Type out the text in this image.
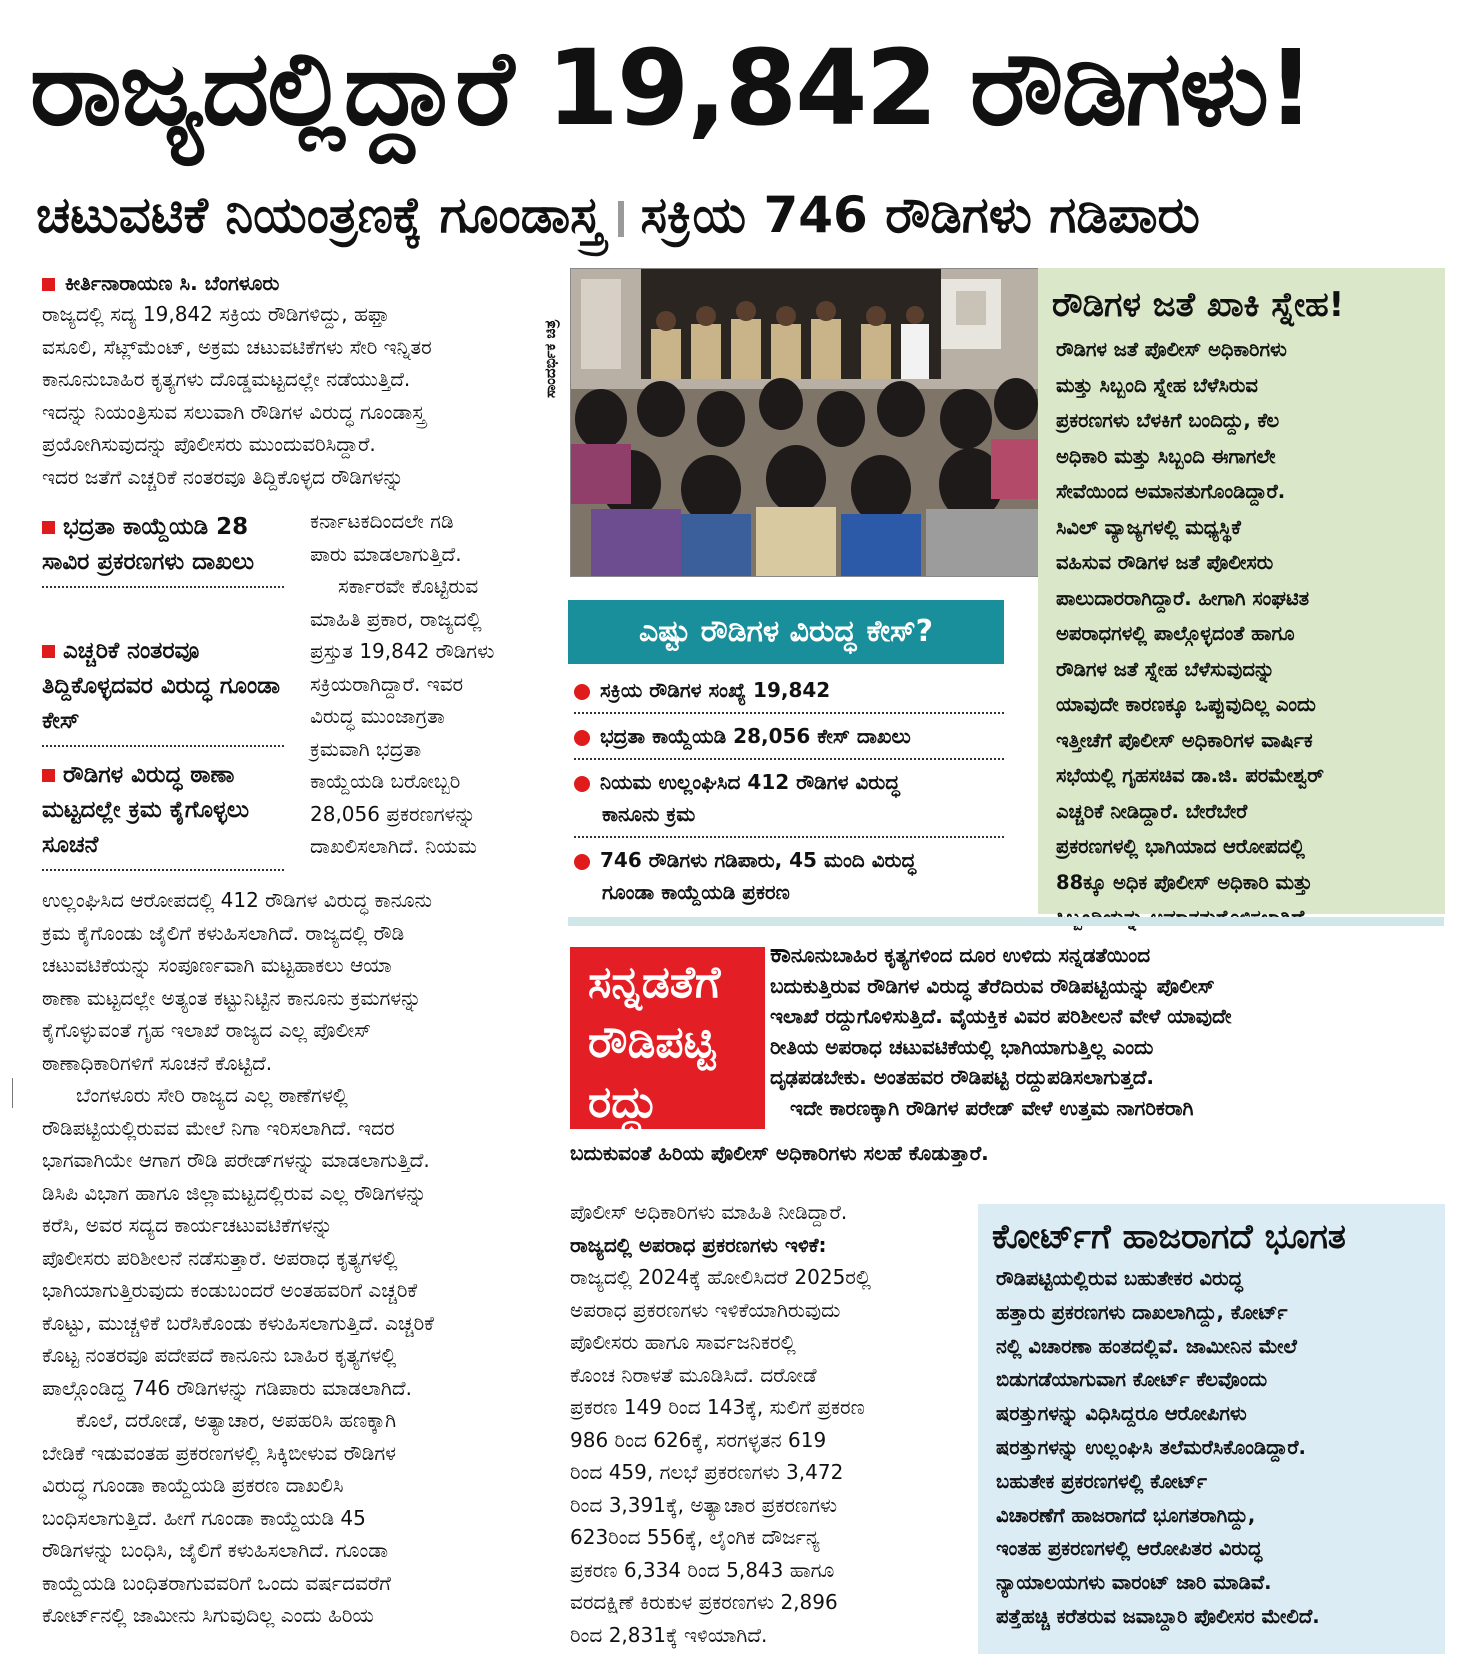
ರಾಜ್ಯದಲ್ಲಿದ್ದಾರೆ 19,842 ರೌಡಿಗಳು!
ಚಟುವಟಿಕೆ ನಿಯಂತ್ರಣಕ್ಕೆ ಗೂಂಡಾಸ್ತ್ರ ಸಕ್ರಿಯ 746 ರೌಡಿಗಳು ಗಡಿಪಾರು
ಕೀರ್ತಿನಾರಾಯಣ ಸಿ. ಬೆಂಗಳೂರು

ರಾಜ್ಯದಲ್ಲಿ ಸದ್ಯ 19,842 ಸಕ್ರಿಯ ರೌಡಿಗಳಿದ್ದು, ಹಫ್ತಾ

ವಸೂಲಿ, ಸೆಟ್ಲ್‌ಮೆಂಟ್, ಅಕ್ರಮ ಚಟುವಟಿಕೆಗಳು ಸೇರಿ ಇನ್ನಿತರ

ಕಾನೂನುಬಾಹಿರ ಕೃತ್ಯಗಳು ದೊಡ್ಡಮಟ್ಟದಲ್ಲೇ ನಡೆಯುತ್ತಿದೆ.

ಇದನ್ನು ನಿಯಂತ್ರಿಸುವ ಸಲುವಾಗಿ ರೌಡಿಗಳ ವಿರುದ್ಧ ಗೂಂಡಾಸ್ತ್ರ

ಪ್ರಯೋಗಿಸುವುದನ್ನು ಪೊಲೀಸರು ಮುಂದುವರಿಸಿದ್ದಾರೆ.

ಇದರ ಜತೆಗೆ ಎಚ್ಚರಿಕೆ ನಂತರವೂ ತಿದ್ದಿಕೊಳ್ಳದ ರೌಡಿಗಳನ್ನು

ಭದ್ರತಾ ಕಾಯ್ದೆಯಡಿ 28 ಸಾವಿರ ಪ್ರಕರಣಗಳು ದಾಖಲು
ಎಚ್ಚರಿಕೆ ನಂತರವೂ ತಿದ್ದಿಕೊಳ್ಳದವರ ವಿರುದ್ಧ ಗೂಂಡಾ ಕೇಸ್
ರೌಡಿಗಳ ವಿರುದ್ಧ ಠಾಣಾ ಮಟ್ಟದಲ್ಲೇ ಕ್ರಮ ಕೈಗೊಳ್ಳಲು ಸೂಚನೆ

ಕರ್ನಾಟಕದಿಂದಲೇ ಗಡಿ

ಪಾರು ಮಾಡಲಾಗುತ್ತಿದೆ.

ಸರ್ಕಾರವೇ ಕೊಟ್ಟಿರುವ

ಮಾಹಿತಿ ಪ್ರಕಾರ, ರಾಜ್ಯದಲ್ಲಿ

ಪ್ರಸ್ತುತ 19,842 ರೌಡಿಗಳು

ಸಕ್ರಿಯರಾಗಿದ್ದಾರೆ. ಇವರ

ವಿರುದ್ಧ ಮುಂಜಾಗ್ರತಾ

ಕ್ರಮವಾಗಿ ಭದ್ರತಾ

ಕಾಯ್ದೆಯಡಿ ಬರೋಬ್ಬರಿ

28,056 ಪ್ರಕರಣಗಳನ್ನು

ದಾಖಲಿಸಲಾಗಿದೆ. ನಿಯಮ

ಉಲ್ಲಂಘಿಸಿದ ಆರೋಪದಲ್ಲಿ 412 ರೌಡಿಗಳ ವಿರುದ್ಧ ಕಾನೂನು

ಕ್ರಮ ಕೈಗೊಂಡು ಜೈಲಿಗೆ ಕಳುಹಿಸಲಾಗಿದೆ. ರಾಜ್ಯದಲ್ಲಿ ರೌಡಿ

ಚಟುವಟಿಕೆಯನ್ನು ಸಂಪೂರ್ಣವಾಗಿ ಮಟ್ಟಹಾಕಲು ಆಯಾ

ಠಾಣಾ ಮಟ್ಟದಲ್ಲೇ ಅತ್ಯಂತ ಕಟ್ಟುನಿಟ್ಟಿನ ಕಾನೂನು ಕ್ರಮಗಳನ್ನು

ಕೈಗೊಳ್ಳುವಂತೆ ಗೃಹ ಇಲಾಖೆ ರಾಜ್ಯದ ಎಲ್ಲ ಪೊಲೀಸ್

ಠಾಣಾಧಿಕಾರಿಗಳಿಗೆ ಸೂಚನೆ ಕೊಟ್ಟಿದೆ.

ಬೆಂಗಳೂರು ಸೇರಿ ರಾಜ್ಯದ ಎಲ್ಲ ಠಾಣೆಗಳಲ್ಲಿ

ರೌಡಿಪಟ್ಟಿಯಲ್ಲಿರುವವ ಮೇಲೆ ನಿಗಾ ಇರಿಸಲಾಗಿದೆ. ಇದರ

ಭಾಗವಾಗಿಯೇ ಆಗಾಗ ರೌಡಿ ಪರೇಡ್‌ಗಳನ್ನು ಮಾಡಲಾಗುತ್ತಿದೆ.

ಡಿಸಿಪಿ ವಿಭಾಗ ಹಾಗೂ ಜಿಲ್ಲಾಮಟ್ಟದಲ್ಲಿರುವ ಎಲ್ಲ ರೌಡಿಗಳನ್ನು

ಕರೆಸಿ, ಅವರ ಸದ್ಯದ ಕಾರ್ಯಚಟುವಟಿಕೆಗಳನ್ನು

ಪೊಲೀಸರು ಪರಿಶೀಲನೆ ನಡೆಸುತ್ತಾರೆ. ಅಪರಾಧ ಕೃತ್ಯಗಳಲ್ಲಿ

ಭಾಗಿಯಾಗುತ್ತಿರುವುದು ಕಂಡುಬಂದರೆ ಅಂತಹವರಿಗೆ ಎಚ್ಚರಿಕೆ

ಕೊಟ್ಟು, ಮುಚ್ಚಳಿಕೆ ಬರೆಸಿಕೊಂಡು ಕಳುಹಿಸಲಾಗುತ್ತಿದೆ. ಎಚ್ಚರಿಕೆ

ಕೊಟ್ಟ ನಂತರವೂ ಪದೇಪದೆ ಕಾನೂನು ಬಾಹಿರ ಕೃತ್ಯಗಳಲ್ಲಿ

ಪಾಲ್ಗೊಂಡಿದ್ದ 746 ರೌಡಿಗಳನ್ನು ಗಡಿಪಾರು ಮಾಡಲಾಗಿದೆ.

ಕೊಲೆ, ದರೋಡೆ, ಅತ್ಯಾಚಾರ, ಅಪಹರಿಸಿ ಹಣಕ್ಕಾಗಿ

ಬೇಡಿಕೆ ಇಡುವಂತಹ ಪ್ರಕರಣಗಳಲ್ಲಿ ಸಿಕ್ಕಿಬೀಳುವ ರೌಡಿಗಳ

ವಿರುದ್ಧ ಗೂಂಡಾ ಕಾಯ್ದೆಯಡಿ ಪ್ರಕರಣ ದಾಖಲಿಸಿ

ಬಂಧಿಸಲಾಗುತ್ತಿದೆ. ಹೀಗೆ ಗೂಂಡಾ ಕಾಯ್ದೆಯಡಿ 45

ರೌಡಿಗಳನ್ನು ಬಂಧಿಸಿ, ಜೈಲಿಗೆ ಕಳುಹಿಸಲಾಗಿದೆ. ಗೂಂಡಾ

ಕಾಯ್ದೆಯಡಿ ಬಂಧಿತರಾಗುವವರಿಗೆ ಒಂದು ವರ್ಷದವರೆಗೆ

ಕೋರ್ಟ್‌ನಲ್ಲಿ ಜಾಮೀನು ಸಿಗುವುದಿಲ್ಲ ಎಂದು ಹಿರಿಯ

ಸಾಂದರ್ಭಿಕ ಚಿತ್ರ
ಎಷ್ಟು ರೌಡಿಗಳ ವಿರುದ್ಧ ಕೇಸ್?
ಸಕ್ರಿಯ ರೌಡಿಗಳ ಸಂಖ್ಯೆ 19,842
ಭದ್ರತಾ ಕಾಯ್ದೆಯಡಿ 28,056 ಕೇಸ್ ದಾಖಲು
ನಿಯಮ ಉಲ್ಲಂಘಿಸಿದ 412 ರೌಡಿಗಳ ವಿರುದ್ಧ
ಕಾನೂನು ಕ್ರಮ
746 ರೌಡಿಗಳು ಗಡಿಪಾರು, 45 ಮಂದಿ ವಿರುದ್ಧ
ಗೂಂಡಾ ಕಾಯ್ದೆಯಡಿ ಪ್ರಕರಣ
ರೌಡಿಗಳ ಜತೆ ಖಾಕಿ ಸ್ನೇಹ!
ರೌಡಿಗಳ ಜತೆ ಪೊಲೀಸ್ ಅಧಿಕಾರಿಗಳು
ಮತ್ತು ಸಿಬ್ಬಂದಿ ಸ್ನೇಹ ಬೆಳೆಸಿರುವ
ಪ್ರಕರಣಗಳು ಬೆಳಕಿಗೆ ಬಂದಿದ್ದು, ಕೆಲ
ಅಧಿಕಾರಿ ಮತ್ತು ಸಿಬ್ಬಂದಿ ಈಗಾಗಲೇ
ಸೇವೆಯಿಂದ ಅಮಾನತುಗೊಂಡಿದ್ದಾರೆ.
ಸಿವಿಲ್ ವ್ಯಾಜ್ಯಗಳಲ್ಲಿ ಮಧ್ಯಸ್ಥಿಕೆ
ವಹಿಸುವ ರೌಡಿಗಳ ಜತೆ ಪೊಲೀಸರು
ಪಾಲುದಾರರಾಗಿದ್ದಾರೆ. ಹೀಗಾಗಿ ಸಂಘಟಿತ
ಅಪರಾಧಗಳಲ್ಲಿ ಪಾಲ್ಗೊಳ್ಳದಂತೆ ಹಾಗೂ
ರೌಡಿಗಳ ಜತೆ ಸ್ನೇಹ ಬೆಳೆಸುವುದನ್ನು
ಯಾವುದೇ ಕಾರಣಕ್ಕೂ ಒಪ್ಪುವುದಿಲ್ಲ ಎಂದು
ಇತ್ತೀಚೆಗೆ ಪೊಲೀಸ್ ಅಧಿಕಾರಿಗಳ ವಾರ್ಷಿಕ
ಸಭೆಯಲ್ಲಿ ಗೃಹಸಚಿವ ಡಾ.ಜಿ. ಪರಮೇಶ್ವರ್
ಎಚ್ಚರಿಕೆ ನೀಡಿದ್ದಾರೆ. ಬೇರೆಬೇರೆ
ಪ್ರಕರಣಗಳಲ್ಲಿ ಭಾಗಿಯಾದ ಆರೋಪದಲ್ಲಿ
88ಕ್ಕೂ ಅಧಿಕ ಪೊಲೀಸ್ ಅಧಿಕಾರಿ ಮತ್ತು
ಸನ್ನಡತೆಗೆ
ರೌಡಿಪಟ್ಟಿ
ರದ್ದು
ಕಾನೂನುಬಾಹಿರ ಕೃತ್ಯಗಳಿಂದ ದೂರ ಉಳಿದು ಸನ್ನಡತೆಯಿಂದ
ಬದುಕುತ್ತಿರುವ ರೌಡಿಗಳ ವಿರುದ್ಧ ತೆರೆದಿರುವ ರೌಡಿಪಟ್ಟಿಯನ್ನು ಪೊಲೀಸ್
ಇಲಾಖೆ ರದ್ದುಗೊಳಿಸುತ್ತಿದೆ. ವೈಯಕ್ತಿಕ ವಿವರ ಪರಿಶೀಲನೆ ವೇಳೆ ಯಾವುದೇ
ರೀತಿಯ ಅಪರಾಧ ಚಟುವಟಿಕೆಯಲ್ಲಿ ಭಾಗಿಯಾಗುತ್ತಿಲ್ಲ ಎಂದು
ದೃಢಪಡಬೇಕು. ಅಂತಹವರ ರೌಡಿಪಟ್ಟಿ ರದ್ದುಪಡಿಸಲಾಗುತ್ತದೆ.
ಇದೇ ಕಾರಣಕ್ಕಾಗಿ ರೌಡಿಗಳ ಪರೇಡ್ ವೇಳೆ ಉತ್ತಮ ನಾಗರಿಕರಾಗಿ
ಬದುಕುವಂತೆ ಹಿರಿಯ ಪೊಲೀಸ್ ಅಧಿಕಾರಿಗಳು ಸಲಹೆ ಕೊಡುತ್ತಾರೆ.
ಪೊಲೀಸ್ ಅಧಿಕಾರಿಗಳು ಮಾಹಿತಿ ನೀಡಿದ್ದಾರೆ.
ರಾಜ್ಯದಲ್ಲಿ ಅಪರಾಧ ಪ್ರಕರಣಗಳು ಇಳಿಕೆ:
ರಾಜ್ಯದಲ್ಲಿ 2024ಕ್ಕೆ ಹೋಲಿಸಿದರೆ 2025ರಲ್ಲಿ
ಅಪರಾಧ ಪ್ರಕರಣಗಳು ಇಳಿಕೆಯಾಗಿರುವುದು
ಪೊಲೀಸರು ಹಾಗೂ ಸಾರ್ವಜನಿಕರಲ್ಲಿ
ಕೊಂಚ ನಿರಾಳತೆ ಮೂಡಿಸಿದೆ. ದರೋಡೆ
ಪ್ರಕರಣ 149 ರಿಂದ 143ಕ್ಕೆ, ಸುಲಿಗೆ ಪ್ರಕರಣ
986 ರಿಂದ 626ಕ್ಕೆ, ಸರಗಳ್ಳತನ 619
ರಿಂದ 459, ಗಲಭೆ ಪ್ರಕರಣಗಳು 3,472
ರಿಂದ 3,391ಕ್ಕೆ, ಅತ್ಯಾಚಾರ ಪ್ರಕರಣಗಳು
623ರಿಂದ 556ಕ್ಕೆ, ಲೈಂಗಿಕ ದೌರ್ಜನ್ಯ
ಪ್ರಕರಣ 6,334 ರಿಂದ 5,843 ಹಾಗೂ
ವರದಕ್ಷಿಣೆ ಕಿರುಕುಳ ಪ್ರಕರಣಗಳು 2,896
ರಿಂದ 2,831ಕ್ಕೆ ಇಳಿಯಾಗಿದೆ.
ಕೋರ್ಟ್‌ಗೆ ಹಾಜರಾಗದೆ ಭೂಗತ
ರೌಡಿಪಟ್ಟಿಯಲ್ಲಿರುವ ಬಹುತೇಕರ ವಿರುದ್ಧ
ಹತ್ತಾರು ಪ್ರಕರಣಗಳು ದಾಖಲಾಗಿದ್ದು, ಕೋರ್ಟ್
ನಲ್ಲಿ ವಿಚಾರಣಾ ಹಂತದಲ್ಲಿವೆ. ಜಾಮೀನಿನ ಮೇಲೆ
ಬಿಡುಗಡೆಯಾಗುವಾಗ ಕೋರ್ಟ್ ಕೆಲವೊಂದು
ಷರತ್ತುಗಳನ್ನು ವಿಧಿಸಿದ್ದರೂ ಆರೋಪಿಗಳು
ಷರತ್ತುಗಳನ್ನು ಉಲ್ಲಂಘಿಸಿ ತಲೆಮರೆಸಿಕೊಂಡಿದ್ದಾರೆ.
ಬಹುತೇಕ ಪ್ರಕರಣಗಳಲ್ಲಿ ಕೋರ್ಟ್
ವಿಚಾರಣೆಗೆ ಹಾಜರಾಗದೆ ಭೂಗತರಾಗಿದ್ದು,
ಇಂತಹ ಪ್ರಕರಣಗಳಲ್ಲಿ ಆರೋಪಿತರ ವಿರುದ್ಧ
ನ್ಯಾಯಾಲಯಗಳು ವಾರಂಟ್ ಜಾರಿ ಮಾಡಿವೆ.
ಪತ್ತೆಹಚ್ಚಿ ಕರೆತರುವ ಜವಾಬ್ದಾರಿ ಪೊಲೀಸರ ಮೇಲಿದೆ.
